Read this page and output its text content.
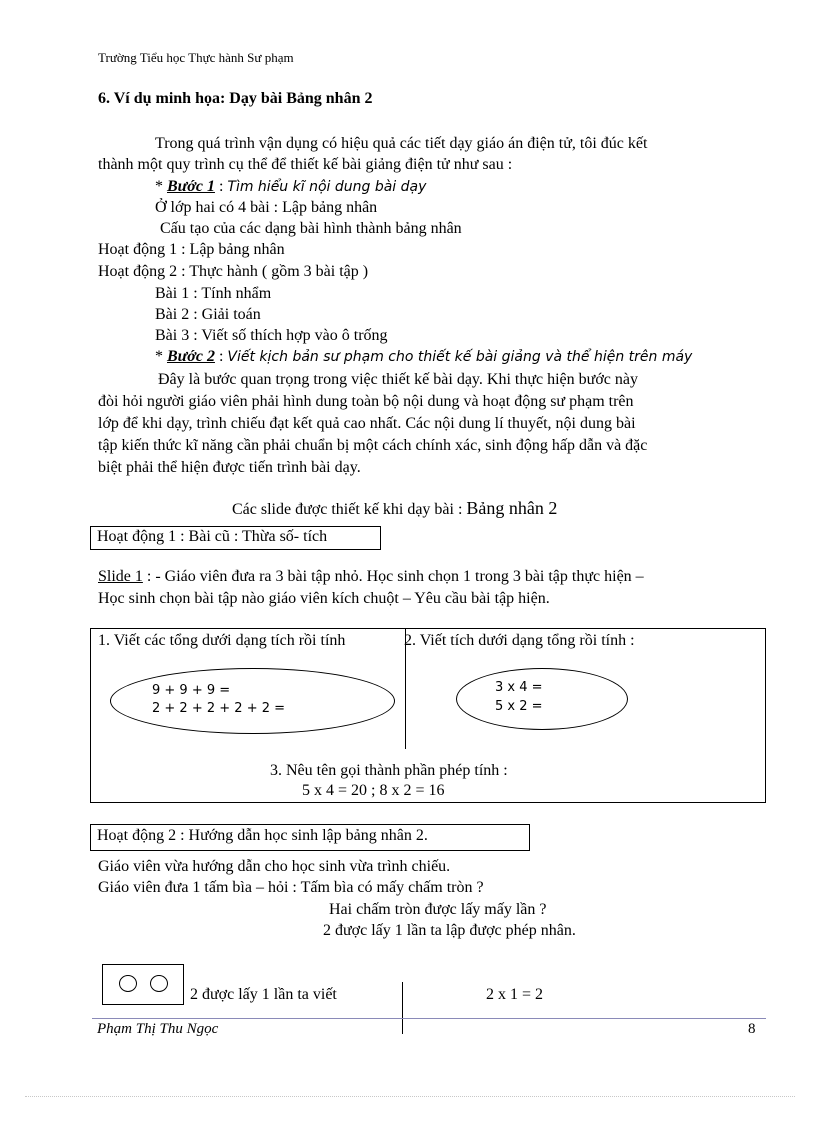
Trường Tiểu học Thực hành Sư phạm
6. Ví dụ minh họa: Dạy bài Bảng nhân 2
Trong quá trình vận dụng có hiệu quả các tiết dạy giáo án điện tử, tôi đúc kết
thành một quy trình cụ thể để thiết kế bài giảng điện tử như sau :
* Bước 1 : Tìm hiểu kĩ nội dung bài dạy
Ở lớp hai có 4 bài : Lập bảng nhân
Cấu tạo của các dạng bài hình thành bảng nhân
Hoạt động 1 : Lập bảng nhân
Hoạt động 2 : Thực hành ( gồm 3 bài tập )
Bài 1 : Tính nhẩm
Bài 2 : Giải toán
Bài 3 : Viết số thích hợp vào ô trống
* Bước 2 : Viết kịch bản sư phạm cho thiết kế bài giảng và thể hiện trên máy
Đây là bước quan trọng trong việc thiết kế bài dạy. Khi thực hiện bước này
đòi hỏi người giáo viên phải hình dung toàn bộ nội dung và hoạt động sư phạm trên
lớp để khi dạy, trình chiếu đạt kết quả cao nhất. Các nội dung lí thuyết, nội dung bài
tập kiến thức kĩ năng cần phải chuẩn bị một cách chính xác, sinh động hấp dẫn và đặc
biệt phải thể hiện được tiến trình bài dạy.
Các slide được thiết kế khi dạy bài : Bảng nhân 2
Hoạt động 1 : Bài cũ : Thừa số- tích
Slide 1 : - Giáo viên đưa ra 3 bài tập nhỏ. Học sinh chọn 1 trong 3 bài tập thực hiện –
Học sinh chọn bài tập nào giáo viên kích chuột – Yêu cầu bài tập hiện.
1. Viết các tổng dưới dạng tích rồi tính
9 + 9 + 9 =
2 + 2 + 2 + 2 + 2 =
2. Viết tích dưới dạng tổng rồi tính :
3 x 4 =
5 x 2 =
3. Nêu tên gọi thành phần phép tính :
5 x 4 = 20 ; 8 x 2 = 16
Hoạt động 2 : Hướng dẫn học sinh lập bảng nhân 2.
Giáo viên vừa hướng dẫn cho học sinh vừa trình chiếu.
Giáo viên đưa 1 tấm bìa – hỏi : Tấm bìa có mấy chấm tròn ?
Hai chấm tròn được lấy mấy lần ?
2 được lấy 1 lần ta lập được phép nhân.
2 được lấy 1 lần ta viết	2 x 1 = 2
Phạm Thị Thu Ngọc	8
